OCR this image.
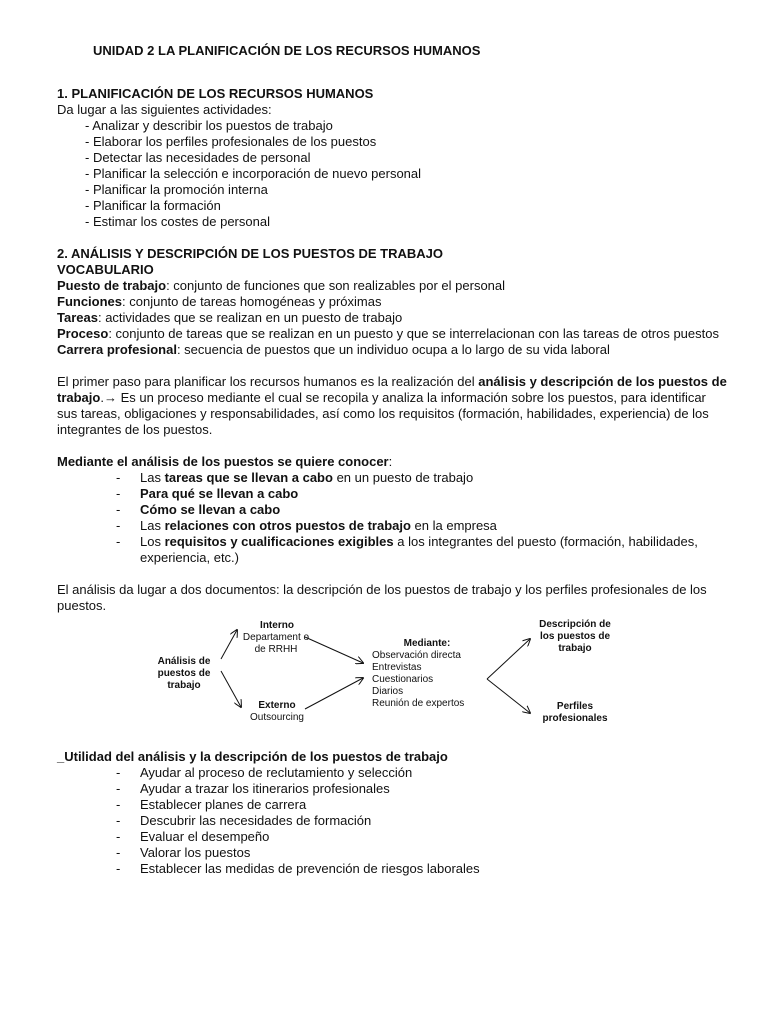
UNIDAD 2 LA PLANIFICACIÓN DE LOS RECURSOS HUMANOS
1. PLANIFICACIÓN DE LOS RECURSOS HUMANOS
Da lugar a las siguientes actividades:
- Analizar y describir los puestos de trabajo
- Elaborar los perfiles profesionales de los puestos
- Detectar las necesidades de personal
- Planificar la selección e incorporación de nuevo personal
- Planificar la promoción interna
- Planificar la formación
- Estimar los costes de personal
2. ANÁLISIS Y DESCRIPCIÓN DE LOS PUESTOS DE TRABAJO
VOCABULARIO
Puesto de trabajo: conjunto de funciones que son realizables por el personal
Funciones: conjunto de tareas homogéneas y próximas
Tareas: actividades que se realizan en un puesto de trabajo
Proceso: conjunto de tareas que se realizan en un puesto y que se interrelacionan con las tareas de otros puestos
Carrera profesional: secuencia de puestos que un individuo ocupa a lo largo de su vida laboral
El primer paso para planificar los recursos humanos es la realización del análisis y descripción de los puestos de trabajo.→ Es un proceso mediante el cual se recopila y analiza la información sobre los puestos, para identificar sus tareas, obligaciones y responsabilidades, así como los requisitos (formación, habilidades, experiencia) de los integrantes de los puestos.
Mediante el análisis de los puestos se quiere conocer:
-	Las tareas que se llevan a cabo en un puesto de trabajo
-	Para qué se llevan a cabo
-	Cómo se llevan a cabo
-	Las relaciones con otros puestos de trabajo en la empresa
-	Los requisitos y cualificaciones exigibles a los integrantes del puesto (formación, habilidades, experiencia, etc.)
El análisis da lugar a dos documentos: la descripción de los puestos de trabajo y los perfiles profesionales de los puestos.
Análisis de puestos de trabajo
Interno
Departament o de RRHH
Externo
Outsourcing
Mediante:
Observación directa
Entrevistas
Cuestionarios
Diarios
Reunión de expertos
Descripción de los puestos de trabajo
Perfiles profesionales
_Utilidad del análisis y la descripción de los puestos de trabajo
-	Ayudar al proceso de reclutamiento y selección
-	Ayudar a trazar los itinerarios profesionales
-	Establecer planes de carrera
-	Descubrir las necesidades de formación
-	Evaluar el desempeño
-	Valorar los puestos
-	Establecer las medidas de prevención de riesgos laborales
